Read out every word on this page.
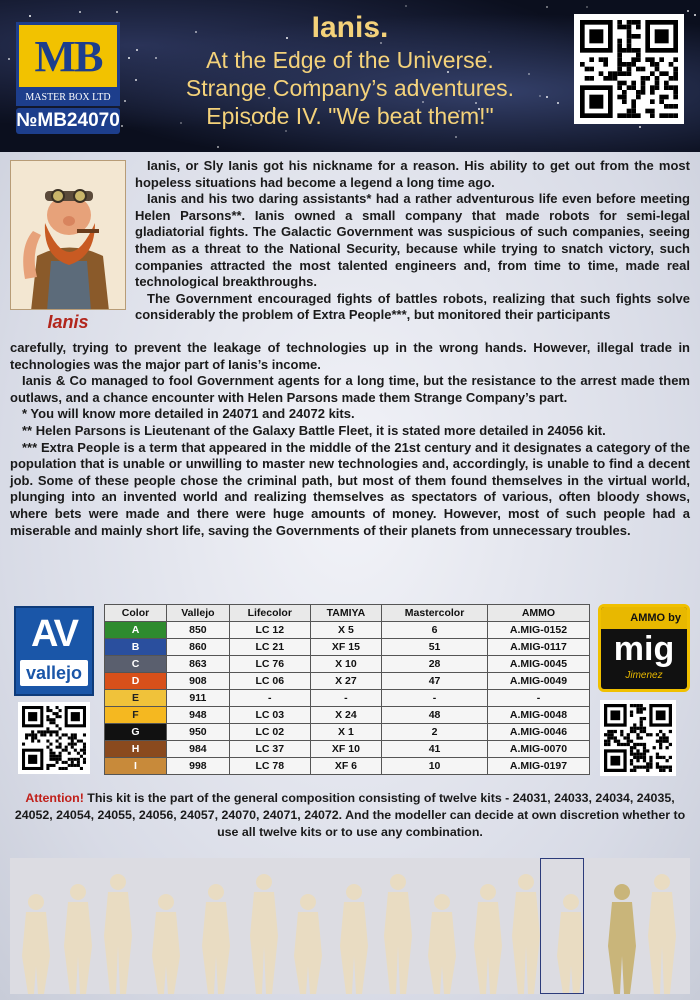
MB
MASTER BOX LTD
№MB24070
Ianis.
At the Edge of the Universe.
Strange Company’s adventures.
Episode IV. "We beat them!"
Ianis

Ianis, or Sly Ianis got his nickname for a reason. His ability to get out from the most hopeless situations had become a legend a long time ago.

Ianis and his two daring assistants* had a rather adventurous life even before meeting Helen Parsons**. Ianis owned a small company that made robots for semi-legal gladiatorial fights. The Galactic Government was suspicious of such companies, seeing them as a threat to the National Security, because while trying to snatch victory, such companies attracted the most talented engineers and, from time to time, made real technological breakthroughs.

The Government encouraged fights of battles robots, realizing that such fights solve considerably the problem of Extra People***, but monitored their participants

carefully, trying to prevent the leakage of technologies up in the wrong hands. However, illegal trade in technologies was the major part of Ianis’s income.

Ianis & Co managed to fool Government agents for a long time, but the resistance to the arrest made them outlaws, and a chance encounter with Helen Parsons made them Strange Company’s part.

* You will know more detailed in 24071 and 24072 kits.

** Helen Parsons is Lieutenant of the Galaxy Battle Fleet, it is stated more detailed in 24056 kit.

*** Extra People is a term that appeared in the middle of the 21st century and it designates a category of the population that is unable or unwilling to master new technologies and, accordingly, is unable to find a decent job. Some of these people chose the criminal path, but most of them found themselves in the virtual world, plunging into an invented world and realizing themselves as spectators of various, often bloody shows, where bets were made and there were huge amounts of money. However, most of such people had a miserable and mainly short life, saving the Governments of their planets from unnecessary troubles.

AV
vallejo
Color	Vallejo	Lifecolor	TAMIYA	Mastercolor	AMMO
A	850	LC 12	X 5	6	A.MIG-0152
B	860	LC 21	XF 15	51	A.MIG-0117
C	863	LC 76	X 10	28	A.MIG-0045
D	908	LC 06	X 27	47	A.MIG-0049
E	911	-	-	-	-
F	948	LC 03	X 24	48	A.MIG-0048
G	950	LC 02	X 1	2	A.MIG-0046
H	984	LC 37	XF 10	41	A.MIG-0070
I	998	LC 78	XF 6	10	A.MIG-0197
AMMO by
mig
Jimenez
Attention! This kit is the part of the general composition consisting of twelve kits - 24031, 24033, 24034, 24035, 24052, 24054, 24055, 24056, 24057, 24070, 24071, 24072. And the modeller can decide at own discretion whether to use all twelve kits or to use any combination.
